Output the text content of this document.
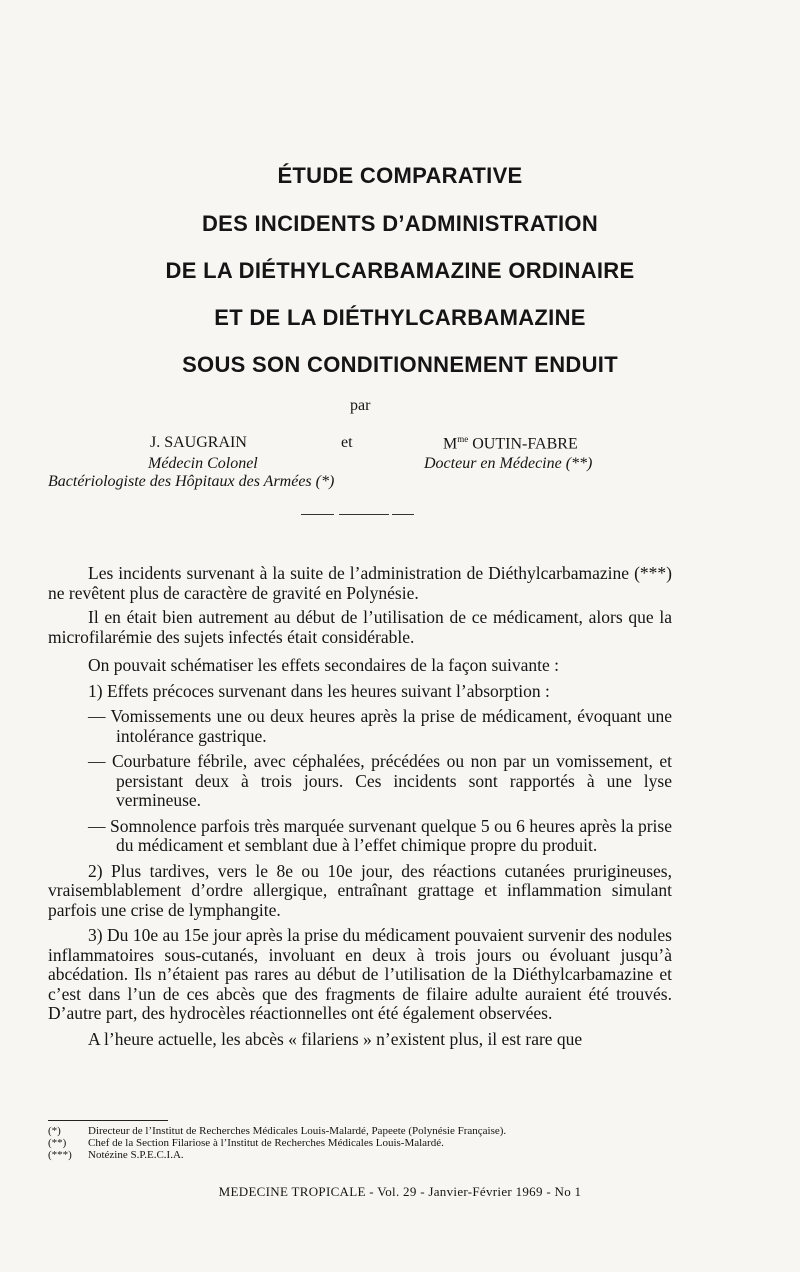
ÉTUDE COMPARATIVE
DES INCIDENTS D’ADMINISTRATION
DE LA DIÉTHYLCARBAMAZINE ORDINAIRE
ET DE LA DIÉTHYLCARBAMAZINE
SOUS SON CONDITIONNEMENT ENDUIT
par
J. SAUGRAIN	et	$M^{me}$ OUTIN-FABRE
Médecin Colonel	Docteur en Médecine (**)
Bactériologiste des Hôpitaux des Armées (*)

Les incidents survenant à la suite de l’administration de Diéthylcarbamazine (***) ne revêtent plus de caractère de gravité en Polynésie.

Il en était bien autrement au début de l’utilisation de ce médicament, alors que la microfilarémie des sujets infectés était considérable.

On pouvait schématiser les effets secondaires de la façon suivante :

1) Effets précoces survenant dans les heures suivant l’absorption :

— Vomissements une ou deux heures après la prise de médicament, évoquant une intolérance gastrique.

— Courbature fébrile, avec céphalées, précédées ou non par un vomissement, et persistant deux à trois jours. Ces incidents sont rapportés à une lyse vermineuse.

— Somnolence parfois très marquée survenant quelque 5 ou 6 heures après la prise du médicament et semblant due à l’effet chimique propre du produit.

2) Plus tardives, vers le 8e ou 10e jour, des réactions cutanées prurigineuses, vraisemblablement d’ordre allergique, entraînant grattage et inflammation simulant parfois une crise de lymphangite.

3) Du 10e au 15e jour après la prise du médicament pouvaient survenir des nodules inflammatoires sous-cutanés, involuant en deux à trois jours ou évoluant jusqu’à abcédation. Ils n’étaient pas rares au début de l’utilisation de la Diéthylcarbamazine et c’est dans l’un de ces abcès que des fragments de filaire adulte auraient été trouvés. D’autre part, des hydrocèles réactionnelles ont été également observées.

A l’heure actuelle, les abcès « filariens » n’existent plus, il est rare que

(*) Directeur de l’Institut de Recherches Médicales Louis-Malardé, Papeete (Polynésie Française).
(**) Chef de la Section Filariose à l’Institut de Recherches Médicales Louis-Malardé.
(***) Notézine S.P.E.C.I.A.
MEDECINE TROPICALE - Vol. 29 - Janvier-Février 1969 - No 1
